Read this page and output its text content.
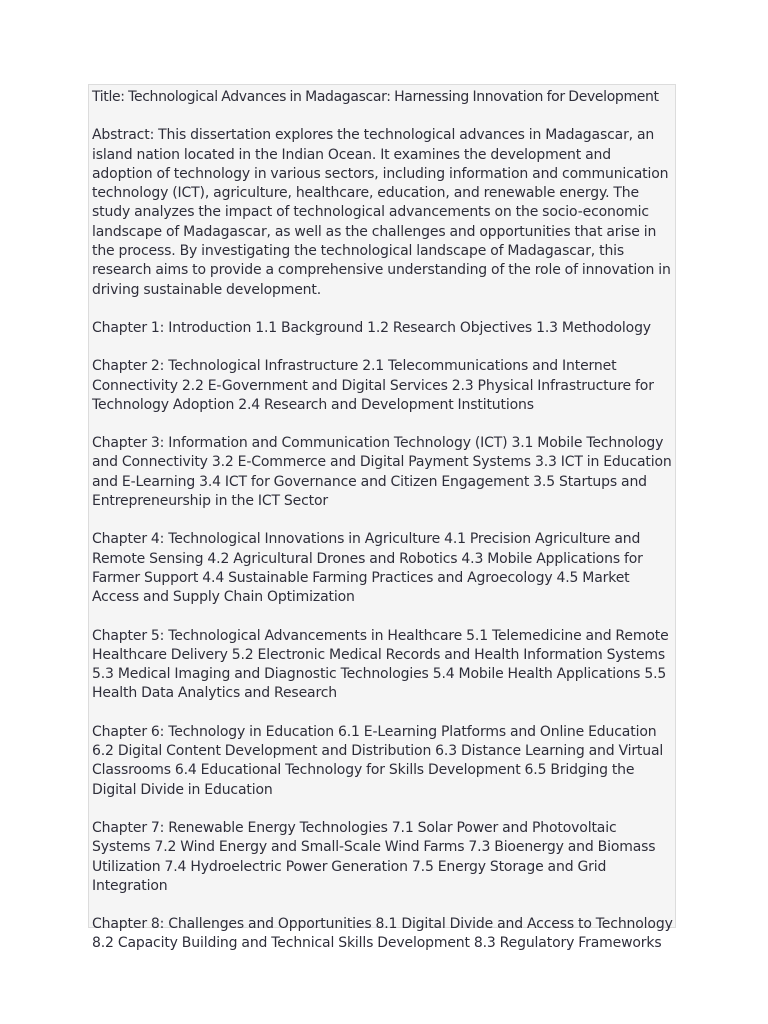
Title: Technological Advances in Madagascar: Harnessing Innovation for Development

Abstract: This dissertation explores the technological advances in Madagascar, an island nation located in the Indian Ocean. It examines the development and adoption of technology in various sectors, including information and communication technology (ICT), agriculture, healthcare, education, and renewable energy. The study analyzes the impact of technological advancements on the socio-economic landscape of Madagascar, as well as the challenges and opportunities that arise in the process. By investigating the technological landscape of Madagascar, this research aims to provide a comprehensive understanding of the role of innovation in driving sustainable development.

Chapter 1: Introduction 1.1 Background 1.2 Research Objectives 1.3 Methodology

Chapter 2: Technological Infrastructure 2.1 Telecommunications and Internet Connectivity 2.2 E-Government and Digital Services 2.3 Physical Infrastructure for Technology Adoption 2.4 Research and Development Institutions

Chapter 3: Information and Communication Technology (ICT) 3.1 Mobile Technology and Connectivity 3.2 E-Commerce and Digital Payment Systems 3.3 ICT in Education and E-Learning 3.4 ICT for Governance and Citizen Engagement 3.5 Startups and Entrepreneurship in the ICT Sector

Chapter 4: Technological Innovations in Agriculture 4.1 Precision Agriculture and Remote Sensing 4.2 Agricultural Drones and Robotics 4.3 Mobile Applications for Farmer Support 4.4 Sustainable Farming Practices and Agroecology 4.5 Market Access and Supply Chain Optimization

Chapter 5: Technological Advancements in Healthcare 5.1 Telemedicine and Remote Healthcare Delivery 5.2 Electronic Medical Records and Health Information Systems 5.3 Medical Imaging and Diagnostic Technologies 5.4 Mobile Health Applications 5.5 Health Data Analytics and Research

Chapter 6: Technology in Education 6.1 E-Learning Platforms and Online Education 6.2 Digital Content Development and Distribution 6.3 Distance Learning and Virtual Classrooms 6.4 Educational Technology for Skills Development 6.5 Bridging the Digital Divide in Education

Chapter 7: Renewable Energy Technologies 7.1 Solar Power and Photovoltaic Systems 7.2 Wind Energy and Small-Scale Wind Farms 7.3 Bioenergy and Biomass Utilization 7.4 Hydroelectric Power Generation 7.5 Energy Storage and Grid Integration

Chapter 8: Challenges and Opportunities 8.1 Digital Divide and Access to Technology 8.2 Capacity Building and Technical Skills Development 8.3 Regulatory Frameworks
